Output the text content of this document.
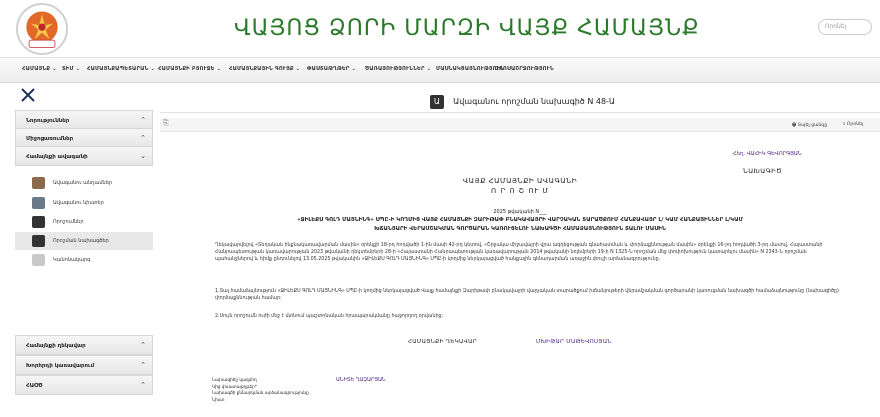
ՎԱՅՈՑ ՁՈՐԻ ՄԱՐԶԻ ՎԱՅՔ ՀԱՄԱՅՆՔ	Որոնել
ՀԱՄԱՅՆՔ ⌄ ՏԻՄ ⌄ ՀԱՄԱՅՆՔԱՊԵՏԱՐԱՆ ⌄ ՀԱՄԱՅՆՔԻ ԲՅՈՒՋԵ ⌄ ՀԱՄԱՅՆՔԱՅԻՆ ԳՈՒՅՔ ⌄ ՓԱՍՏԱԹՂԹԵՐ ⌄ ԾԱՌԱՅՈՒԹՅՈՒՆՆԵՐ ⌄ ՄԱՍՆԱԿՑԱՅՆՈՒԹՅՈՒՆ
ԶԲՈՍԱՇՐՋՈՒԹՅՈՒՆ
Նորություններ	⌃
Միջոցառումներ	⌃
Համայնքի ավագանի	⌄
Ավագանու անդամներ
Ավագանու նիստեր
Որոշումներ
Որոշման նախագծեր
Կանոնակարգ
Համայնքի ղեկավար	⌃
Խորհրդի կառավարում	⌃
ՀԱՕԾ	⌃
Ա Ավագանու որոշման նախագիծ N 48-Ա
⎘	🖶 Տպել ցանկը	⌕ Որոնել
Հեղ. ՎԱՀԻԿ ԳԵՎՈՐԳՅԱՆ
ՆԱԽԱԳԻԾ
ՎԱՅՔ ՀԱՄԱՅՆՔԻ ԱՎԱԳԱՆԻ
Ո Ր Ո Շ ՈՒ Մ
2025 թվականի N___
«ՋԻԼԵՔՍ ԳՈԼԴ ՄԱՅՆԻՆԳ» ՍՊԸ-Ի ԿՈՂՄԻՑ ՎԱՅՔ ՀԱՄԱՅՆՔԻ ԶԱՐԻԹԱՓ ԲՆԱԿԱՎԱՅՐԻ ՎԱՐՉԱԿԱՆ ՏԱՐԱԾՔՈՒՄ ՀԱՆՔԱՎԱՅՐ Լ/ ԿԱՄ ՀԱՆՔԱՅԻՆՆԵՐ Լ/ԿԱՄ
ԽՃԱՆՅԱՐԻ ՎԵՐԱՄՇԱԿՄԱՆ ԳՈՐԾԱՐԱՆ ԿԱՌՈՒՑԵԼՈՒ ՆԱԽԱԳԾԻ ՀԱՄԱՁԱՅՆՈՒԹՅՈՒՆ ՏԱԼՈՒ ՄԱՍԻՆ
Ղեկավարվելով «Տեղական ինքնակառավարման մասին» օրենքի 18-րդ հոդվածի 1-ին մասի 42-րդ կետով, «Շրջակա միջավայրի վրա ազդեցության գնահատման և փորձաքննության մասին» օրենքի 16-րդ հոդվածի 3-րդ մասով, Հայաստանի Հանրապետության կառավարության 2023 թվականի դեկտեմբերի 28-ի «Հայաստանի Հանրապետության կառավարության 2014 թվականի նոյեմբերի 19-ի N 1325-Ն որոշման մեջ փոփոխություն կատարելու մասին» N 2343-Ն որոշման պահանջներով և հիմք ընդունելով 13.05.2025 թվականին «ՋԻԼԵՔՍ ԳՈԼԴ ՄԱՅՆԻՆԳ» ՍՊԸ-ի կողմից ներկայացված հանքային գենադարման առաջին փուլի արձանագրությունը.
1.Տալ համաձայնություն «ՋԻԼԵՔՍ ԳՈԼԴ ՄԱՅՆԻՆԳ» ՍՊԸ-ի կողմից ներկայացված Վայք համայնքի Զարիթափ բնակավայրի վարչական տարածքում խճանյութերի վերամշակման գործարանի կառուցման նախագծի համաձայնությունը (նախագիծը) փորձաքննության համար:
2.Սույն որոշումն ուժի մեջ է մտնում պաշտոնական հրապարակմանը հաջորդող օրվանից:
ՀԱՄԱՅՆՔԻ ՂԵԿԱՎԱՐ	ՄԽԻԹԱՐ ՄԱԹԵՎՈՍՅԱՆ
Նախագիծը կազմող
Կից փաստաթղթեր*
Նախագծի քննարկման արձանագրությունը
Նիստ
ԱՆԻՏԵ ՂԱԶԱՐՅԱՆ
